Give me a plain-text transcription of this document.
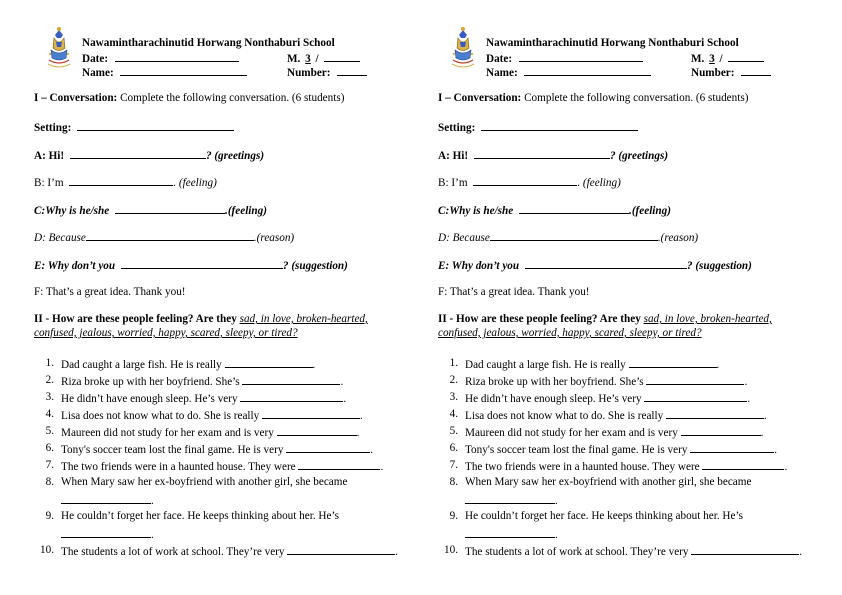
Nawamintharachinutid Horwang Nonthaburi School
Date:	M. 3 /
Name:	Number:
I – Conversation: Complete the following conversation. (6 students)
Setting:
A: Hi!	? (greetings)
B: I’m	. (feeling)
C:Why is he/she	.(feeling)
D: Because	.(reason)
E: Why don’t you	? (suggestion)
F: That’s a great idea. Thank you!
II - How are these people feeling? Are they sad, in love, broken-hearted,
confused, jealous, worried, happy, scared, sleepy, or tired?
1. Dad caught a large fish. He is really	.
2. Riza broke up with her boyfriend. She’s	.
3. He didn’t have enough sleep. He’s very	.
4. Lisa does not know what to do. She is really	.
5. Maureen did not study for her exam and is very	.
6. Tony's soccer team lost the final game. He is very	.
7. The two friends were in a haunted house. They were	.
8. When Mary saw her ex-boyfriend with another girl, she became
.
9. He couldn’t forget her face. He keeps thinking about her. He’s
.
10. The students a lot of work at school. They’re very	.
Nawamintharachinutid Horwang Nonthaburi School
Date:	M. 3 /
Name:	Number:
I – Conversation: Complete the following conversation. (6 students)
Setting:
A: Hi!	? (greetings)
B: I’m	. (feeling)
C:Why is he/she	.(feeling)
D: Because	.(reason)
E: Why don’t you	? (suggestion)
F: That’s a great idea. Thank you!
II - How are these people feeling? Are they sad, in love, broken-hearted,
confused, jealous, worried, happy, scared, sleepy, or tired?
1. Dad caught a large fish. He is really	.
2. Riza broke up with her boyfriend. She’s	.
3. He didn’t have enough sleep. He’s very	.
4. Lisa does not know what to do. She is really	.
5. Maureen did not study for her exam and is very	.
6. Tony's soccer team lost the final game. He is very	.
7. The two friends were in a haunted house. They were	.
8. When Mary saw her ex-boyfriend with another girl, she became
.
9. He couldn’t forget her face. He keeps thinking about her. He’s
.
10. The students a lot of work at school. They’re very	.
